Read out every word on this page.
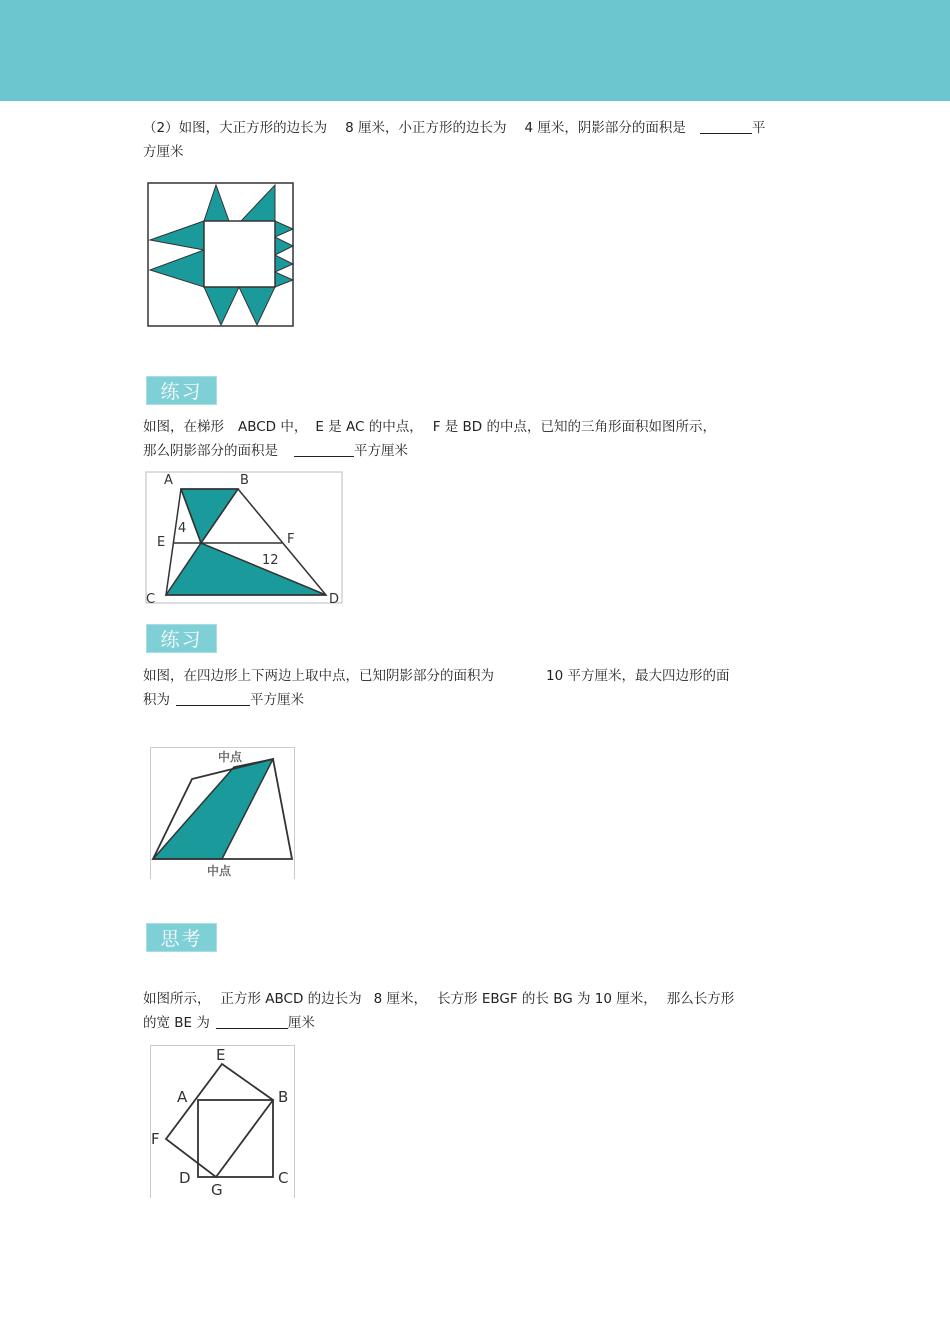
（2）如图，大正方形的边长为 8 厘米，小正方形的边长为 4 厘米，阴影部分的面积是	平
方厘米
练习
如图，在梯形 ABCD 中， E 是 AC 的中点， F 是 BD 的中点，已知的三角形面积如图所示，
那么阴影部分的面积是	平方厘米
A	B
E	F
C	D
4
12
练习
如图，在四边形上下两边上取中点，已知阴影部分的面积为	10 平方厘米，最大四边形的面
积为	平方厘米
中点
中点
思考
如图所示， 正方形 ABCD 的边长为 8 厘米， 长方形 EBGF 的长 BG 为 10 厘米， 那么长方形
的宽 BE 为	厘米
E
A	B
F
D
G
C
